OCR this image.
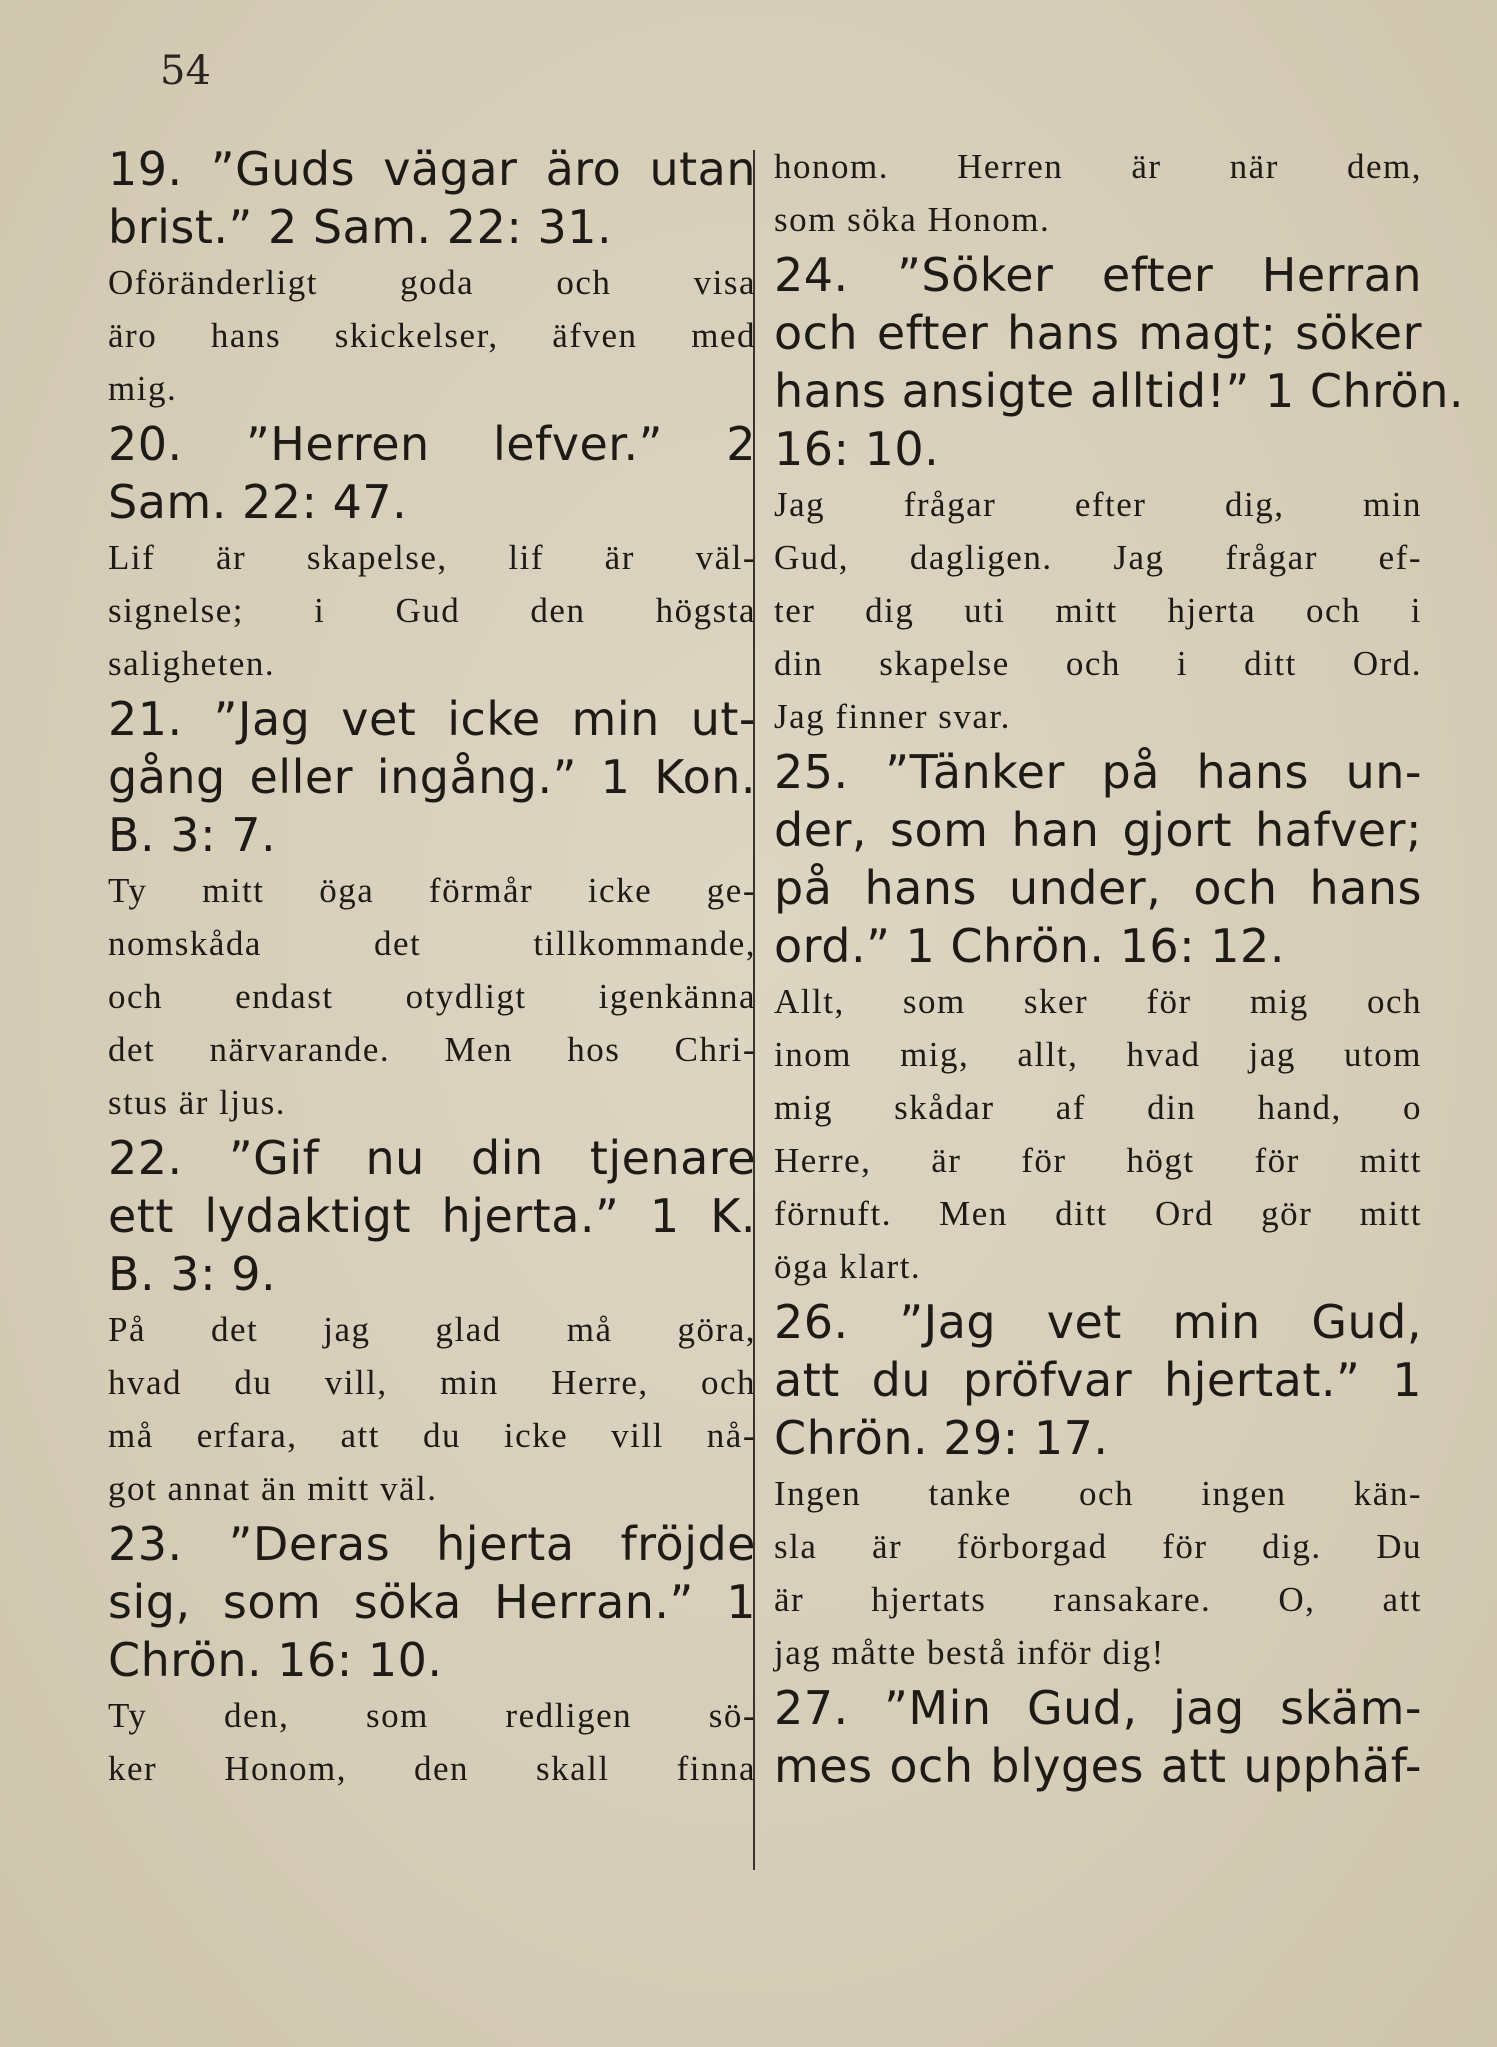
54
19. ”Guds vägar äro utan
brist.” 2 Sam. 22: 31.
Oföränderligt goda och visa
äro hans skickelser, äfven med
mig.
20. ”Herren lefver.” 2
Sam. 22: 47.
Lif är skapelse, lif är väl-
signelse; i Gud den högsta
saligheten.
21. ”Jag vet icke min ut-
gång eller ingång.” 1 Kon.
B. 3: 7.
Ty mitt öga förmår icke ge-
nomskåda det tillkommande,
och endast otydligt igenkänna
det närvarande. Men hos Chri-
stus är ljus.
22. ”Gif nu din tjenare
ett lydaktigt hjerta.” 1 K.
B. 3: 9.
På det jag glad må göra,
hvad du vill, min Herre, och
må erfara, att du icke vill nå-
got annat än mitt väl.
23. ”Deras hjerta fröjde
sig, som söka Herran.” 1
Chrön. 16: 10.
Ty den, som redligen sö-
ker Honom, den skall finna
honom. Herren är när dem,
som söka Honom.
24. ”Söker efter Herran
och efter hans magt; söker
hans ansigte alltid!” 1 Chrön.
16: 10.
Jag frågar efter dig, min
Gud, dagligen. Jag frågar ef-
ter dig uti mitt hjerta och i
din skapelse och i ditt Ord.
Jag finner svar.
25. ”Tänker på hans un-
der, som han gjort hafver;
på hans under, och hans
ord.” 1 Chrön. 16: 12.
Allt, som sker för mig och
inom mig, allt, hvad jag utom
mig skådar af din hand, o
Herre, är för högt för mitt
förnuft. Men ditt Ord gör mitt
öga klart.
26. ”Jag vet min Gud,
att du pröfvar hjertat.” 1
Chrön. 29: 17.
Ingen tanke och ingen kän-
sla är förborgad för dig. Du
är hjertats ransakare. O, att
jag måtte bestå inför dig!
27. ”Min Gud, jag skäm-
mes och blyges att upphäf-
